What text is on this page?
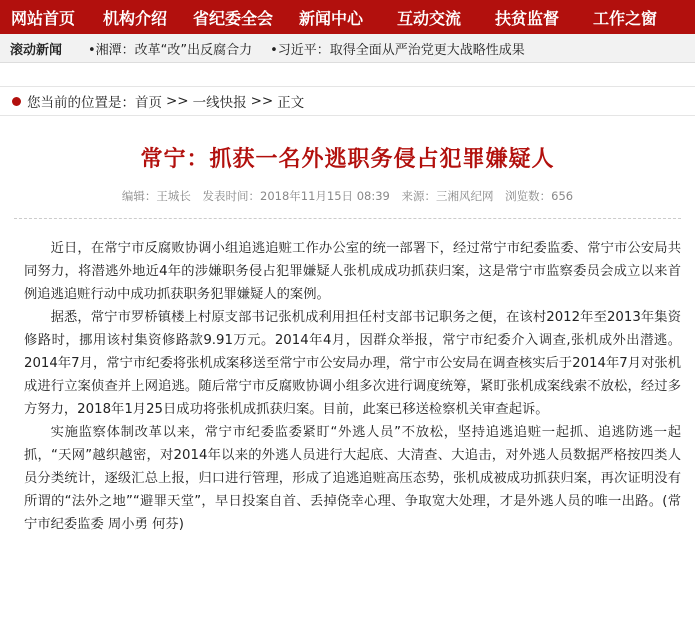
网站首页	机构介绍	省纪委全会	新闻中心	互动交流	扶贫监督	工作之窗
滚动新闻	•湘潭：改革“改”出反腐合力 •习近平：取得全面从严治党更大战略性成果
您当前的位置是： 首页 >> 一线快报 >> 正文
常宁：抓获一名外逃职务侵占犯罪嫌疑人
编辑：王城长 发表时间：2018年11月15日 08:39 来源：三湘风纪网 浏览数：656

近日，在常宁市反腐败协调小组追逃追赃工作办公室的统一部署下，经过常宁市纪委监委、常宁市公安局共同努力，将潜逃外地近4年的涉嫌职务侵占犯罪嫌疑人张机成成功抓获归案，这是常宁市监察委员会成立以来首例追逃追赃行动中成功抓获职务犯罪嫌疑人的案例。

据悉，常宁市罗桥镇楼上村原支部书记张机成利用担任村支部书记职务之便，在该村2012年至2013年集资修路时，挪用该村集资修路款9.91万元。2014年4月，因群众举报，常宁市纪委介入调查,张机成外出潜逃。2014年7月，常宁市纪委将张机成案移送至常宁市公安局办理，常宁市公安局在调查核实后于2014年7月对张机成进行立案侦查并上网追逃。随后常宁市反腐败协调小组多次进行调度统筹，紧盯张机成案线索不放松，经过多方努力，2018年1月25日成功将张机成抓获归案。目前，此案已移送检察机关审查起诉。

实施监察体制改革以来，常宁市纪委监委紧盯“外逃人员”不放松，坚持追逃追赃一起抓、追逃防逃一起抓，“天网”越织越密，对2014年以来的外逃人员进行大起底、大清查、大追击，对外逃人员数据严格按四类人员分类统计，逐级汇总上报，归口进行管理，形成了追逃追赃高压态势，张机成被成功抓获归案，再次证明没有所谓的“法外之地”“避罪天堂”，早日投案自首、丢掉侥幸心理、争取宽大处理，才是外逃人员的唯一出路。(常宁市纪委监委 周小勇 何芬)
